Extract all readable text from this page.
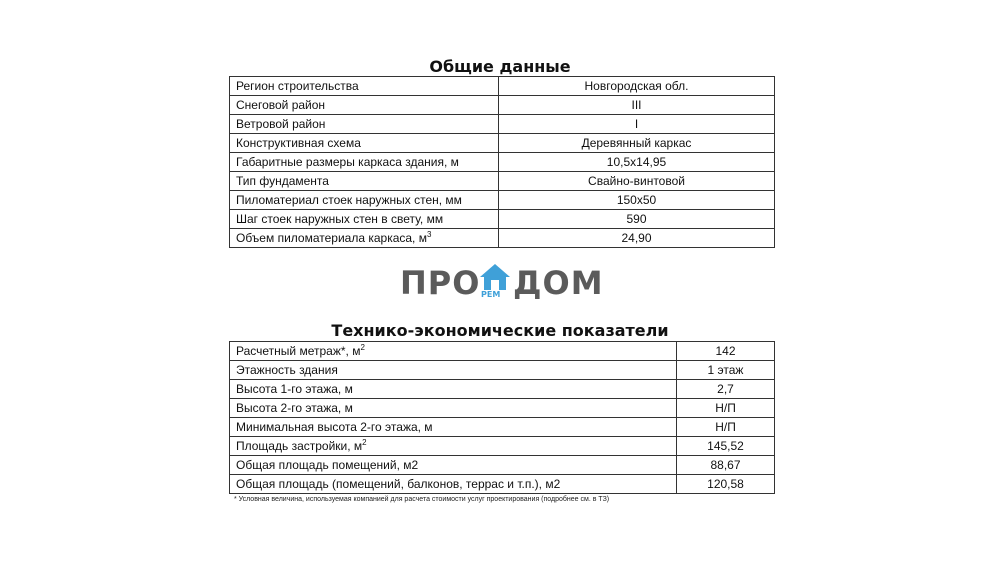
Общие данные
Регион строительства	Новгородская обл.
Снеговой район	III
Ветровой район	I
Конструктивная схема	Деревянный каркас
Габаритные размеры каркаса здания, м	10,5х14,95
Тип фундамента	Свайно-винтовой
Пиломатериал стоек наружных стен, мм	150х50
Шаг стоек наружных стен в свету, мм	590
Объем пиломатериала каркаса, $м^3$	24,90
ПРО РЕМ ДОМ
Технико-экономические показатели
Расчетный метраж*, $м^2$	142
Этажность здания	1 этаж
Высота 1-го этажа, м	2,7
Высота 2-го этажа, м	Н/П
Минимальная высота 2-го этажа, м	Н/П
Площадь застройки, $м^2$	145,52
Общая площадь помещений, м2	88,67
Общая площадь (помещений, балконов, террас и т.п.), м2	120,58
* Условная величина, используемая компанией для расчета стоимости услуг проектирования (подробнее см. в ТЗ)
